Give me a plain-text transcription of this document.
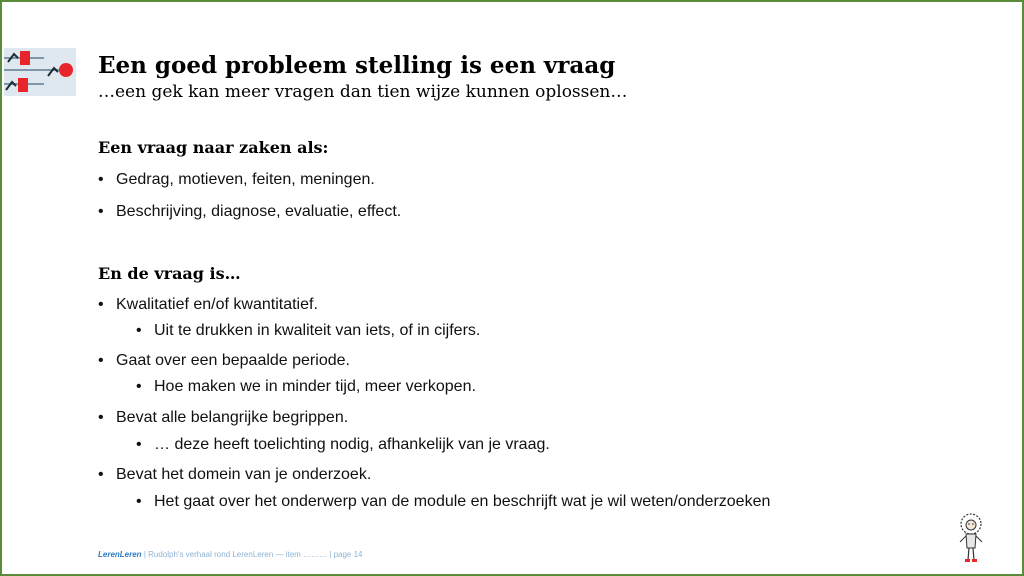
Een goed probleem stelling is een vraag
…een gek kan meer vragen dan tien wijze kunnen oplossen…
Een vraag naar zaken als:
• Gedrag, motieven, feiten, meningen.
• Beschrijving, diagnose, evaluatie, effect.
En de vraag is…
• Kwalitatief en/of kwantitatief.
• Uit te drukken in kwaliteit van iets, of in cijfers.
• Gaat over een bepaalde periode.
• Hoe maken we in minder tijd, meer verkopen.
• Bevat alle belangrijke begrippen.
• … deze heeft toelichting nodig, afhankelijk van je vraag.
• Bevat het domein van je onderzoek.
• Het gaat over het onderwerp van de module en beschrijft wat je wil weten/onderzoeken
LerenLeren | Rudolph's verhaal rond LerenLeren — item ……… | page 14
